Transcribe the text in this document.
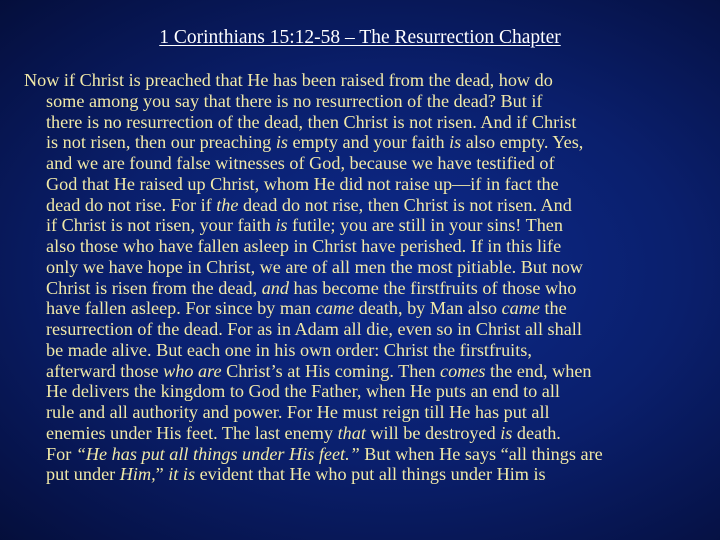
1 Corinthians 15:12-58 – The Resurrection Chapter
Now if Christ is preached that He has been raised from the dead, how do
some among you say that there is no resurrection of the dead? But if
there is no resurrection of the dead, then Christ is not risen. And if Christ
is not risen, then our preaching is empty and your faith is also empty. Yes,
and we are found false witnesses of God, because we have testified of
God that He raised up Christ, whom He did not raise up—if in fact the
dead do not rise. For if the dead do not rise, then Christ is not risen. And
if Christ is not risen, your faith is futile; you are still in your sins! Then
also those who have fallen asleep in Christ have perished. If in this life
only we have hope in Christ, we are of all men the most pitiable. But now
Christ is risen from the dead, and has become the firstfruits of those who
have fallen asleep. For since by man came death, by Man also came the
resurrection of the dead. For as in Adam all die, even so in Christ all shall
be made alive. But each one in his own order: Christ the firstfruits,
afterward those who are Christ’s at His coming. Then comes the end, when
He delivers the kingdom to God the Father, when He puts an end to all
rule and all authority and power. For He must reign till He has put all
enemies under His feet. The last enemy that will be destroyed is death.
For “He has put all things under His feet.” But when He says “all things are
put under Him,” it is evident that He who put all things under Him is
